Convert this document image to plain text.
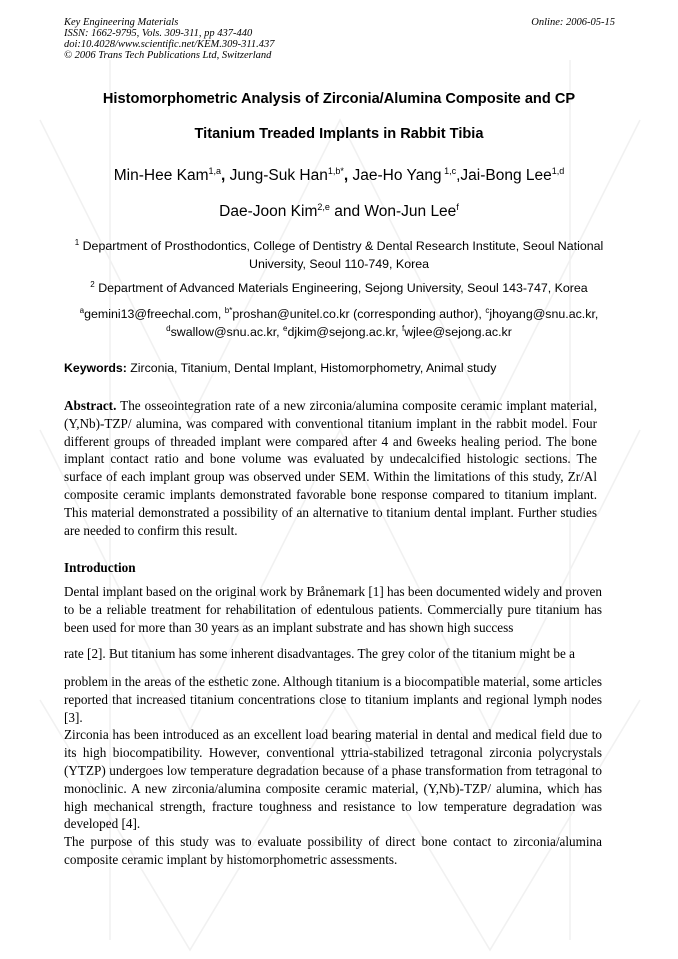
Key Engineering Materials
ISSN: 1662-9795, Vols. 309-311, pp 437-440
doi:10.4028/www.scientific.net/KEM.309-311.437
© 2006 Trans Tech Publications Ltd, Switzerland
Online: 2006-05-15
Histomorphometric Analysis of Zirconia/Alumina Composite and CP
Titanium Treaded Implants in Rabbit Tibia
Min-Hee Kam$^{1,a}$, Jung-Suk Han$^{1,b*}$, Jae-Ho Yang $^{1,c}$,Jai-Bong Lee$^{1,d}$
Dae-Joon Kim$^{2,e}$ and Won-Jun Lee$^f$
$^1$ Department of Prosthodontics, College of Dentistry & Dental Research Institute, Seoul National
University, Seoul 110-749, Korea
$^2$ Department of Advanced Materials Engineering, Sejong University, Seoul 143-747, Korea
$^a$gemini13@freechal.com, $^{b*}$proshan@unitel.co.kr (corresponding author), $^c$jhoyang@snu.ac.kr,
$^d$swallow@snu.ac.kr, $^e$djkim@sejong.ac.kr, $^f$wjlee@sejong.ac.kr
Keywords: Zirconia, Titanium, Dental Implant, Histomorphometry, Animal study
Abstract. The osseointegration rate of a new zirconia/alumina composite ceramic implant material, (Y,Nb)-TZP/ alumina, was compared with conventional titanium implant in the rabbit model. Four different groups of threaded implant were compared after 4 and 6weeks healing period. The bone implant contact ratio and bone volume was evaluated by undecalcified histologic sections. The surface of each implant group was observed under SEM. Within the limitations of this study, Zr/Al composite ceramic implants demonstrated favorable bone response compared to titanium implant. This material demonstrated a possibility of an alternative to titanium dental implant. Further studies are needed to confirm this result.
Introduction

Dental implant based on the original work by Brånemark [1] has been documented widely and proven to be a reliable treatment for rehabilitation of edentulous patients. Commercially pure titanium has been used for more than 30 years as an implant substrate and has shown high success

rate [2]. But titanium has some inherent disadvantages. The grey color of the titanium might be a

problem in the areas of the esthetic zone. Although titanium is a biocompatible material, some articles reported that increased titanium concentrations close to titanium implants and regional lymph nodes [3].

Zirconia has been introduced as an excellent load bearing material in dental and medical field due to its high biocompatibility. However, conventional yttria-stabilized tetragonal zirconia polycrystals (YTZP) undergoes low temperature degradation because of a phase transformation from tetragonal to monoclinic. A new zirconia/alumina composite ceramic material, (Y,Nb)-TZP/ alumina, which has high mechanical strength, fracture toughness and resistance to low temperature degradation was developed [4].

The purpose of this study was to evaluate possibility of direct bone contact to zirconia/alumina composite ceramic implant by histomorphometric assessments.
